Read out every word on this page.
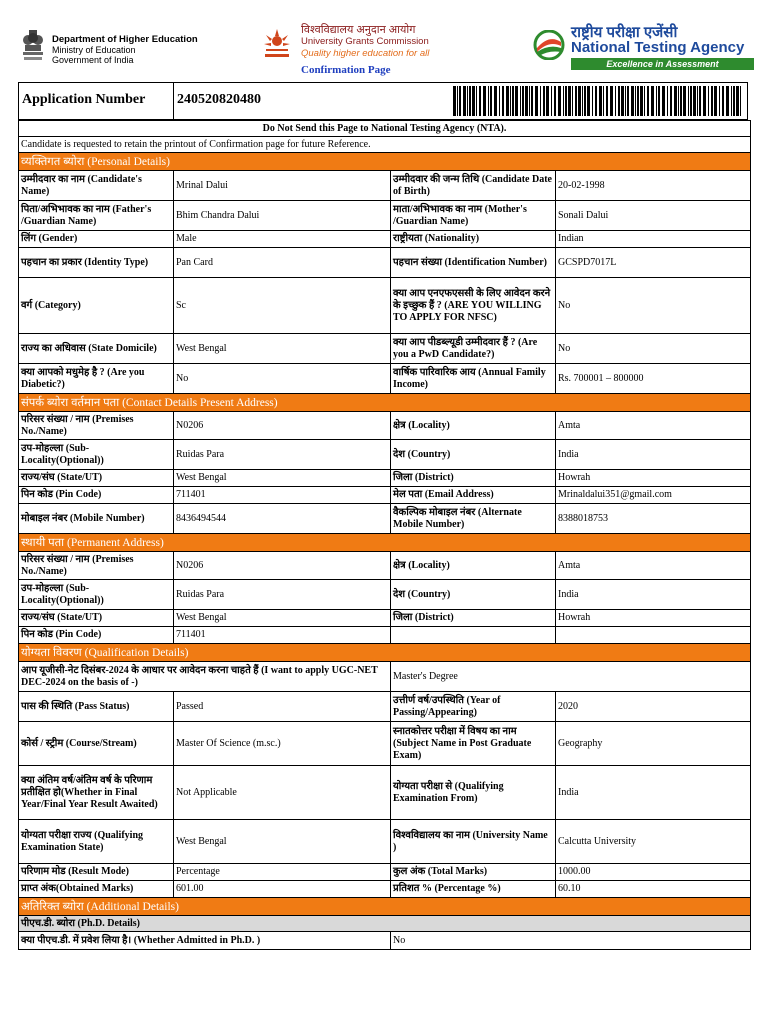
Department of Higher Education
Ministry of Education
Government of India
विश्वविद्यालय अनुदान आयोग
University Grants Commission
Quality higher education for all
Confirmation Page
राष्ट्रीय परीक्षा एजेंसी
National Testing Agency
Excellence in Assessment
Application Number 240520820480
Do Not Send this Page to National Testing Agency (NTA).			
Candidate is requested to retain the printout of Confirmation page for future Reference.			
व्यक्तिगत ब्योरा (Personal Details)			
उम्मीदवार का नाम (Candidate's Name)	Mrinal Dalui	उम्मीदवार की जन्म तिथि (Candidate Date of Birth)	20-02-1998
पिता/अभिभावक का नाम (Father's /Guardian Name)	Bhim Chandra Dalui	माता/अभिभावक का नाम (Mother's /Guardian Name)	Sonali Dalui
लिंग (Gender)	Male	राष्ट्रीयता (Nationality)	Indian
पहचान का प्रकार (Identity Type)	Pan Card	पहचान संख्या (Identification Number)	GCSPD7017L
वर्ग (Category)	Sc	क्या आप एनएफएससी के लिए आवेदन करने के इच्छुक हैं ? (ARE YOU WILLING TO APPLY FOR NFSC)	No
राज्य का अधिवास (State Domicile)	West Bengal	क्या आप पीडब्ल्यूडी उम्मीदवार हैं ? (Are you a PwD Candidate?)	No
क्या आपको मधुमेह है ? (Are you Diabetic?)	No	वार्षिक पारिवारिक आय (Annual Family Income)	Rs. 700001 – 800000
संपर्क ब्योरा वर्तमान पता (Contact Details Present Address)			
परिसर संख्या / नाम (Premises No./Name)	N0206	क्षेत्र (Locality)	Amta
उप-मोहल्ला (Sub-Locality(Optional))	Ruidas Para	देश (Country)	India
राज्य/संघ (State/UT)	West Bengal	जिला (District)	Howrah
पिन कोड (Pin Code)	711401	मेल पता (Email Address)	Mrinaldalui351@gmail.com
मोबाइल नंबर (Mobile Number)	8436494544	वैकल्पिक मोबाइल नंबर (Alternate Mobile Number)	8388018753
स्थायी पता (Permanent Address)			
परिसर संख्या / नाम (Premises No./Name)	N0206	क्षेत्र (Locality)	Amta
उप-मोहल्ला (Sub-Locality(Optional))	Ruidas Para	देश (Country)	India
राज्य/संघ (State/UT)	West Bengal	जिला (District)	Howrah
पिन कोड (Pin Code)	711401		
योग्यता विवरण (Qualification Details)			
आप यूजीसी-नेट दिसंबर-2024 के आधार पर आवेदन करना चाहते हैं (I want to apply UGC-NET DEC-2024 on the basis of -)		Master's Degree	
पास की स्थिति (Pass Status)	Passed	उत्तीर्ण वर्ष/उपस्थिति (Year of Passing/Appearing)	2020
कोर्स / स्ट्रीम (Course/Stream)	Master Of Science (m.sc.)	स्नातकोत्तर परीक्षा में विषय का नाम (Subject Name in Post Graduate Exam)	Geography
क्या अंतिम वर्ष/अंतिम वर्ष के परिणाम प्रतीक्षित हो(Whether in Final Year/Final Year Result Awaited)	Not Applicable	योग्यता परीक्षा से (Qualifying Examination From)	India
योग्यता परीक्षा राज्य (Qualifying Examination State)	West Bengal	विश्वविद्यालय का नाम (University Name )	Calcutta University
परिणाम मोड (Result Mode)	Percentage	कुल अंक (Total Marks)	1000.00
प्राप्त अंक(Obtained Marks)	601.00	प्रतिशत % (Percentage %)	60.10
अतिरिक्त ब्योरा (Additional Details)			
पीएच.डी. ब्योरा (Ph.D. Details)			
क्या पीएच.डी. में प्रवेश लिया है। (Whether Admitted in Ph.D. )		No	
